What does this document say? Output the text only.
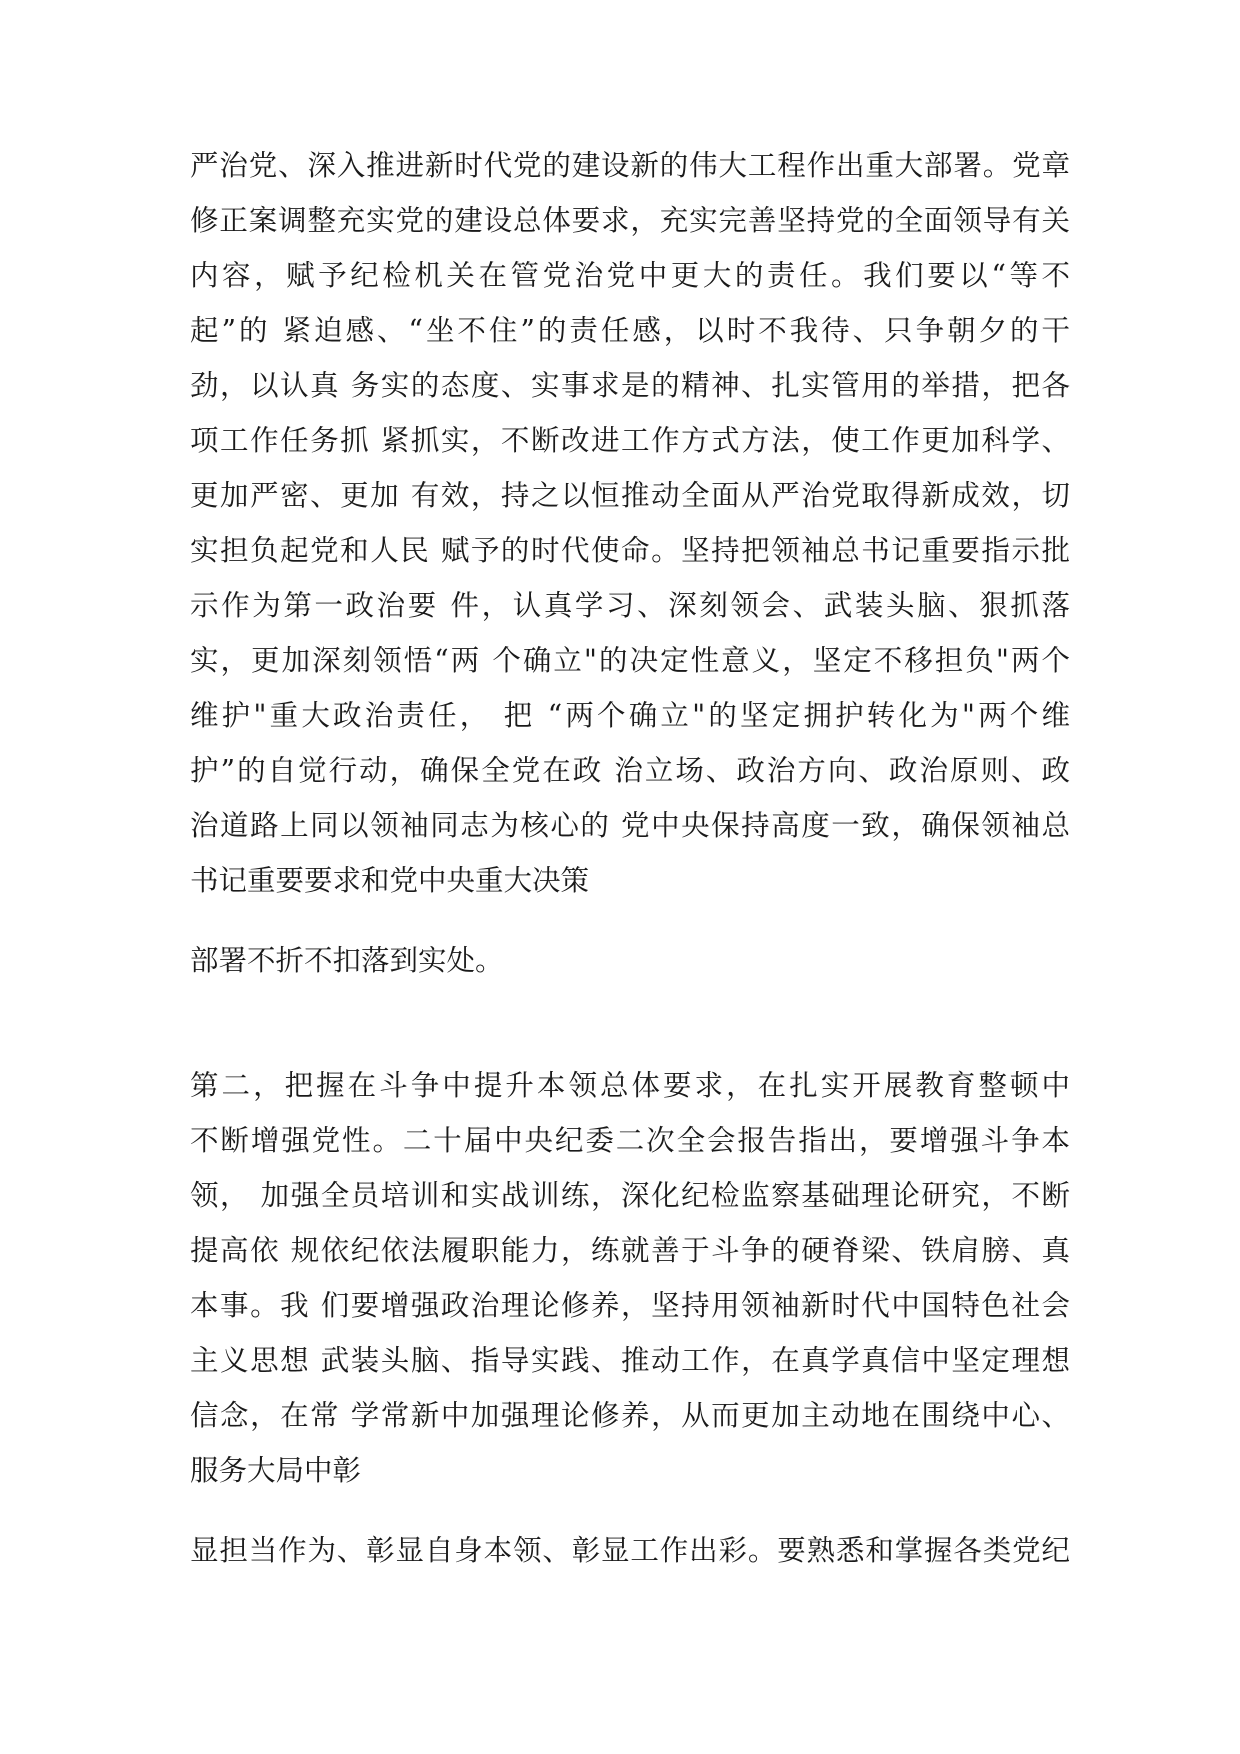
严治党、深入推进新时代党的建设新的伟大工程作出重大部署。党章
修正案调整充实党的建设总体要求，充实完善坚持党的全面领导有关
内容，赋予纪检机关在管党治党中更大的责任。我们要以“等不
起”的 紧迫感、“坐不住”的责任感，以时不我待、只争朝夕的干
劲，以认真 务实的态度、实事求是的精神、扎实管用的举措，把各
项工作任务抓 紧抓实，不断改进工作方式方法，使工作更加科学、
更加严密、更加 有效，持之以恒推动全面从严治党取得新成效，切
实担负起党和人民 赋予的时代使命。坚持把领袖总书记重要指示批
示作为第一政治要 件，认真学习、深刻领会、武装头脑、狠抓落
实，更加深刻领悟“两 个确立"的决定性意义，坚定不移担负"两个
维护"重大政治责任， 把 “两个确立"的坚定拥护转化为"两个维
护”的自觉行动，确保全党在政 治立场、政治方向、政治原则、政
治道路上同以领袖同志为核心的 党中央保持高度一致，确保领袖总
书记重要要求和党中央重大决策
部署不折不扣落到实处。
第二，把握在斗争中提升本领总体要求，在扎实开展教育整顿中
不断增强党性。二十届中央纪委二次全会报告指出，要增强斗争本
领， 加强全员培训和实战训练，深化纪检监察基础理论研究，不断
提高依 规依纪依法履职能力，练就善于斗争的硬脊梁、铁肩膀、真
本事。我 们要增强政治理论修养，坚持用领袖新时代中国特色社会
主义思想 武装头脑、指导实践、推动工作，在真学真信中坚定理想
信念，在常 学常新中加强理论修养，从而更加主动地在围绕中心、
服务大局中彰
显担当作为、彰显自身本领、彰显工作出彩。要熟悉和掌握各类党纪
